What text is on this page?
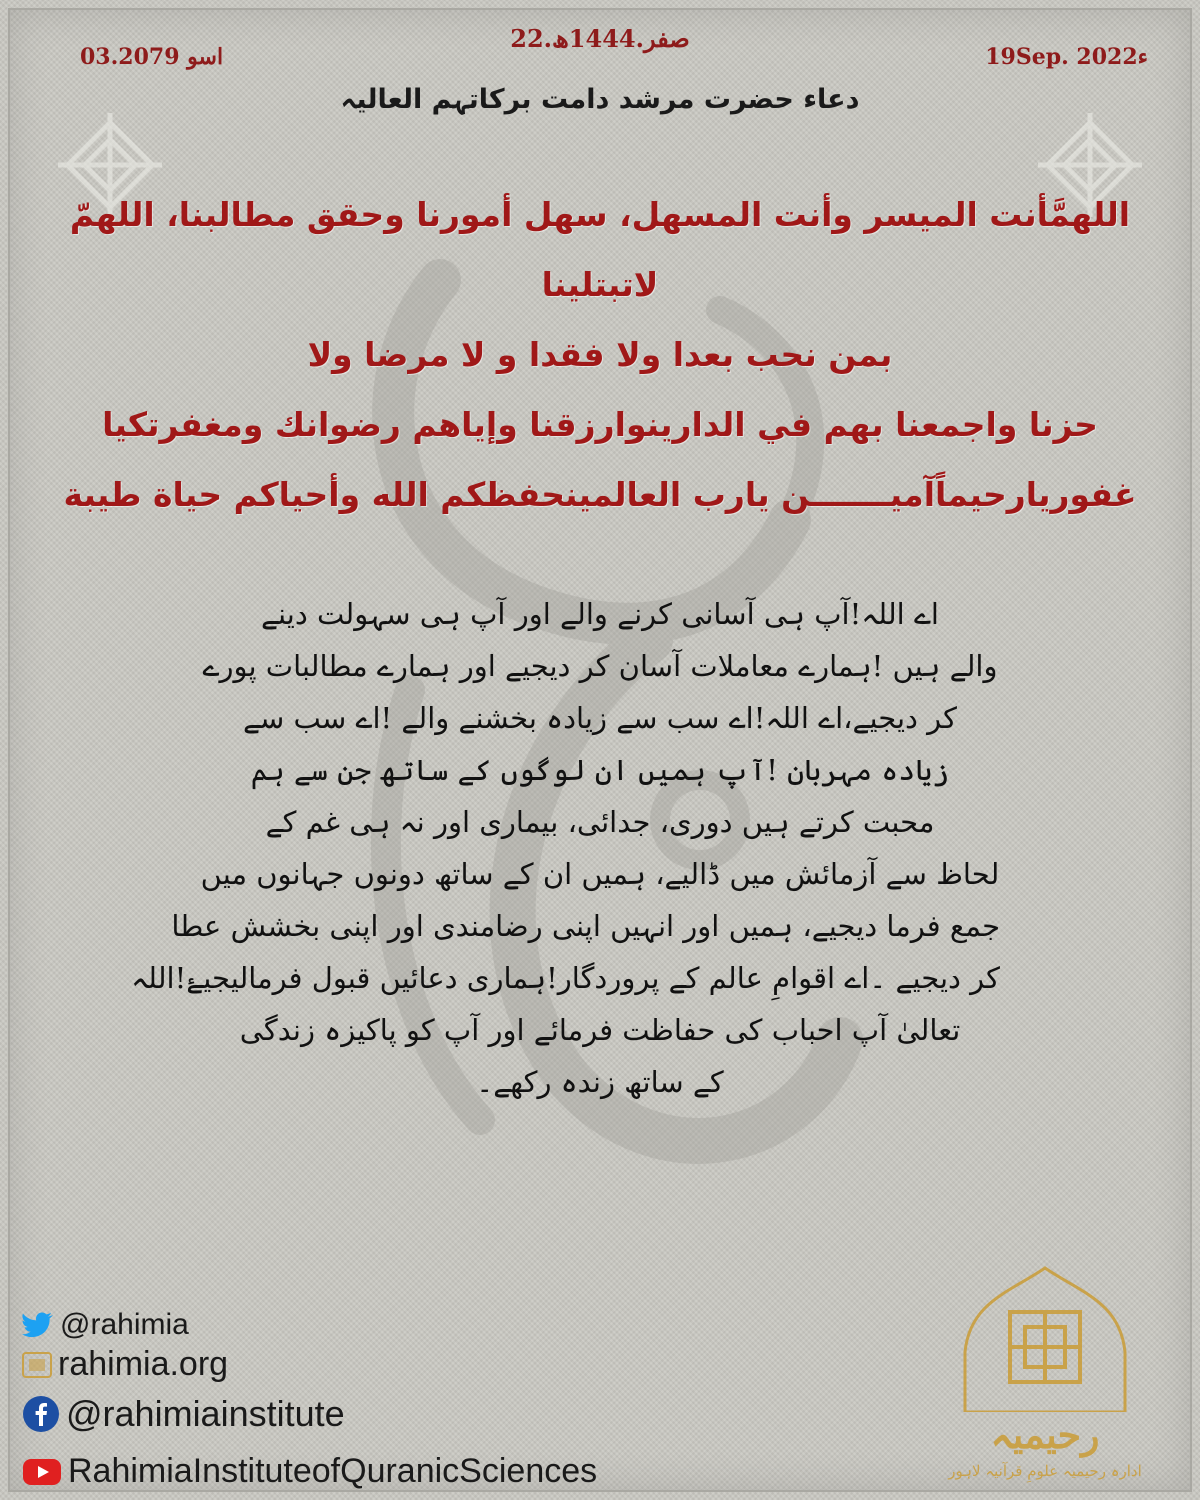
03.اسو 2079
22.صفر.1444ھ
19Sep. 2022ء
دعاء حضرت مرشد دامت برکاتہم العالیہ

اللهمَّأنت الميسر وأنت المسهل، سهل أمورنا وحقق مطالبنا، اللهمّ لاتبتلينا

بمن نحب بعدا ولا فقدا و لا مرضا ولا

حزنا واجمعنا بهم في الدارينوارزقنا وإياهم رضوانك ومغفرتكيا

غفوريارحيماًآميـــــــن يارب العالمينحفظكم الله وأحياكم حياة طيبة

اے اللہ!آپ ہی آسانی کرنے والے اور آپ ہی سہولت دینے

والے ہیں !ہمارے معاملات آسان کر دیجیے اور ہمارے مطالبات پورے

کر دیجیے،اے اللہ!اے سب سے زیادہ بخشنے والے !اے سب سے

زیادہ مہربان !آپ ہمیں ان لوگوں کے ساتھ جن سے ہم

محبت کرتے ہیں دوری، جدائی، بیماری اور نہ ہی غم کے

لحاظ سے آزمائش میں ڈالیے، ہمیں ان کے ساتھ دونوں جہانوں میں

جمع فرما دیجیے، ہمیں اور انہیں اپنی رضامندی اور اپنی بخشش عطا

کر دیجیے ۔اے اقوامِ عالم کے پروردگار!ہماری دعائیں قبول فرمالیجیۓ!اللہ

تعالیٰ آپ احباب کی حفاظت فرمائے اور آپ کو پاکیزہ زندگی

کے ساتھ زندہ رکھے۔

@rahimia
rahimia.org
@rahimiainstitute
RahimiaInstituteofQuranicSciences
رحیمیہ
ادارہ رحیمیہ علومِ قرآنیہ لاہور
